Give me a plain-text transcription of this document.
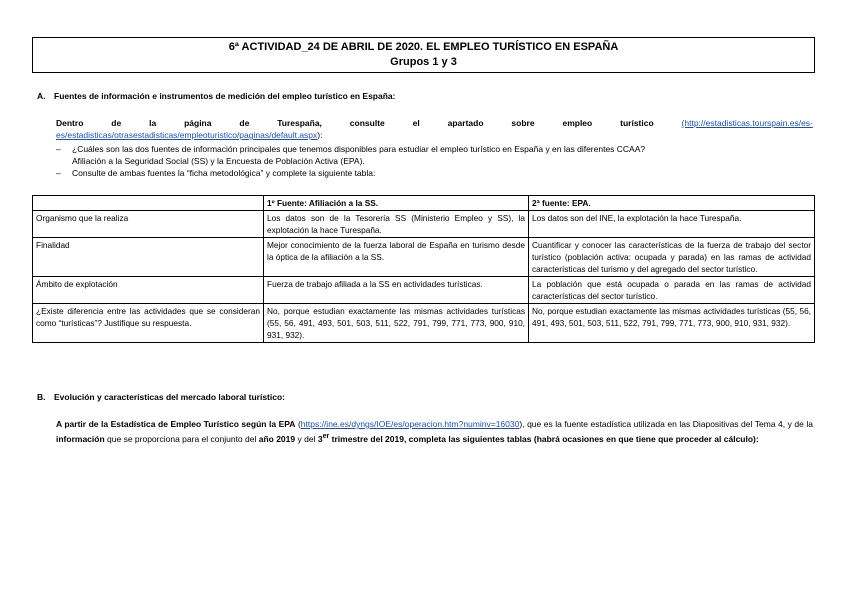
6ª ACTIVIDAD_24 DE ABRIL DE 2020. EL EMPLEO TURÍSTICO EN ESPAÑA
Grupos 1 y 3
A. Fuentes de información e instrumentos de medición del empleo turístico en España:
Dentro	de	la	página	de	Turespaña,	consulte	el	apartado	sobre	empleo	turístico	(http://estadisticas.tourspain.es/es-
es/estadisticas/otrasestadisticas/empleoturistico/paginas/default.aspx):
– ¿Cuáles son las dos fuentes de información principales que tenemos disponibles para estudiar el empleo turístico en España y en las diferentes CCAA?
Afiliación a la Seguridad Social (SS) y la Encuesta de Población Activa (EPA).
– Consulte de ambas fuentes la “ficha metodológica” y complete la siguiente tabla:
	1º Fuente: Afiliación a la SS.	2ª fuente: EPA.
Organismo que la realiza	Los datos son de la Tesorería SS (Ministerio Empleo y SS), la explotación la hace Turespaña.	Los datos son del INE, la explotación la hace Turespaña.
Finalidad	Mejor conocimiento de la fuerza laboral de España en turismo desde la óptica de la afiliación a la SS.	Cuantificar y conocer las características de la fuerza de trabajo del sector turístico (población activa: ocupada y parada) en las ramas de actividad características del turismo y del agregado del sector turístico.
Ámbito de explotación	Fuerza de trabajo afiliada a la SS en actividades turísticas.	La población que está ocupada o parada en las ramas de actividad características del sector turístico.
¿Existe diferencia entre las actividades que se consideran como “turísticas”? Justifique su respuesta.	No, porque estudian exactamente las mismas actividades turísticas (55, 56, 491, 493, 501, 503, 511, 522, 791, 799, 771, 773, 900, 910, 931, 932).	No, porque estudian exactamente las mismas actividades turísticas (55, 56, 491, 493, 501, 503, 511, 522, 791, 799, 771, 773, 900, 910, 931, 932).
B. Evolución y características del mercado laboral turístico:
A partir de la Estadística de Empleo Turístico según la EPA (https://ine.es/dyngs/IOE/es/operacion.htm?numinv=16030), que es la fuente estadística utilizada en las Diapositivas del Tema 4, y de la información que se proporciona para el conjunto del año 2019 y del 3er trimestre del 2019, completa las siguientes tablas (habrá ocasiones en que tiene que proceder al cálculo):
